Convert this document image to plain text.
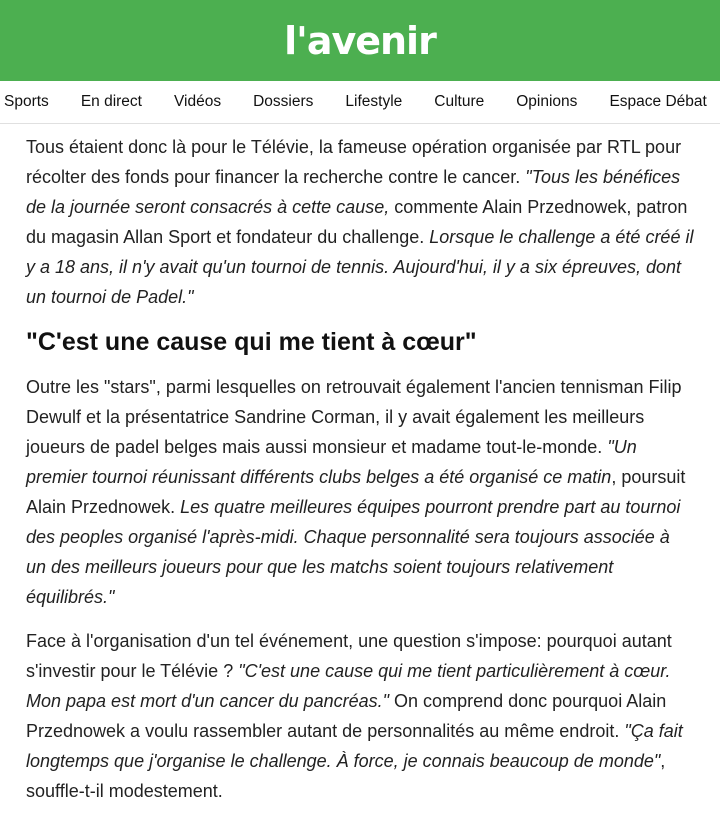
l'avenir
Sports En direct Vidéos Dossiers Lifestyle Culture Opinions Espace Débat

Tous étaient donc là pour le Télévie, la fameuse opération organisée par RTL pour récolter des fonds pour financer la recherche contre le cancer. "Tous les bénéfices de la journée seront consacrés à cette cause, commente Alain Przednowek, patron du magasin Allan Sport et fondateur du challenge. Lorsque le challenge a été créé il y a 18 ans, il n'y avait qu'un tournoi de tennis. Aujourd'hui, il y a six épreuves, dont un tournoi de Padel."

"C'est une cause qui me tient à cœur"

Outre les "stars", parmi lesquelles on retrouvait également l'ancien tennisman Filip Dewulf et la présentatrice Sandrine Corman, il y avait également les meilleurs joueurs de padel belges mais aussi monsieur et madame tout-le-monde. "Un premier tournoi réunissant différents clubs belges a été organisé ce matin, poursuit Alain Przednowek. Les quatre meilleures équipes pourront prendre part au tournoi des peoples organisé l'après-midi. Chaque personnalité sera toujours associée à un des meilleurs joueurs pour que les matchs soient toujours relativement équilibrés."

Face à l'organisation d'un tel événement, une question s'impose: pourquoi autant s'investir pour le Télévie ? "C'est une cause qui me tient particulièrement à cœur. Mon papa est mort d'un cancer du pancréas." On comprend donc pourquoi Alain Przednowek a voulu rassembler autant de personnalités au même endroit. "Ça fait longtemps que j'organise le challenge. À force, je connais beaucoup de monde", souffle-t-il modestement.
